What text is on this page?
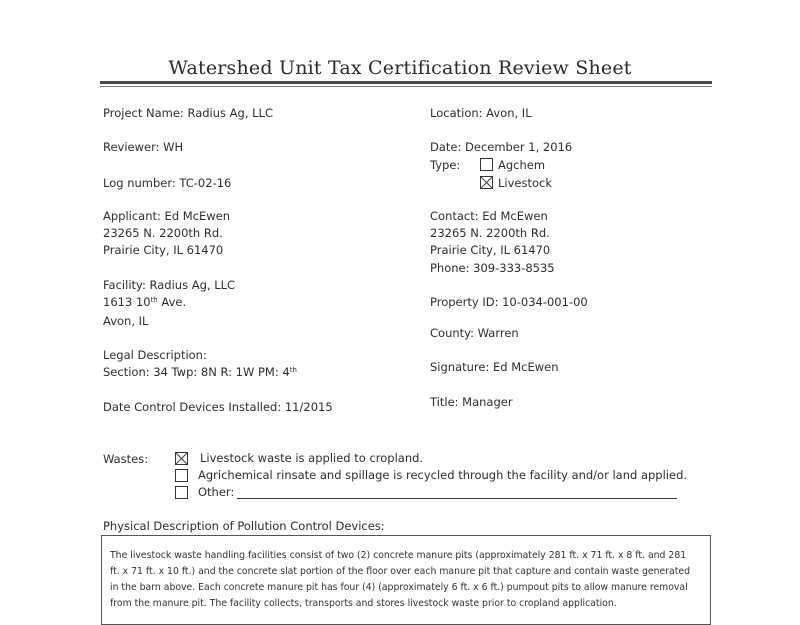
Watershed Unit Tax Certification Review Sheet
Project Name: Radius Ag, LLC
Reviewer: WH
Log number: TC-02-16
Applicant: Ed McEwen
23265 N. 2200th Rd.
Prairie City, IL 61470
Facility: Radius Ag, LLC
1613 10th Ave.
Avon, IL
Legal Description:
Section: 34 Twp: 8N R: 1W PM: 4th
Date Control Devices Installed: 11/2015
Location: Avon, IL
Date: December 1, 2016
Type:	Agchem
Livestock
Contact: Ed McEwen
23265 N. 2200th Rd.
Prairie City, IL 61470
Phone: 309-333-8535
Property ID: 10-034-001-00
County: Warren
Signature: Ed McEwen
Title: Manager
Wastes:	Livestock waste is applied to cropland.
Agrichemical rinsate and spillage is recycled through the facility and/or land applied.
Other:
Physical Description of Pollution Control Devices:
The livestock waste handling facilities consist of two (2) concrete manure pits (approximately 281 ft. x 71 ft. x 8 ft. and 281
ft. x 71 ft. x 10 ft.) and the concrete slat portion of the floor over each manure pit that capture and contain waste generated
in the barn above. Each concrete manure pit has four (4) (approximately 6 ft. x 6 ft.) pumpout pits to allow manure removal
from the manure pit. The facility collects, transports and stores livestock waste prior to cropland application.
